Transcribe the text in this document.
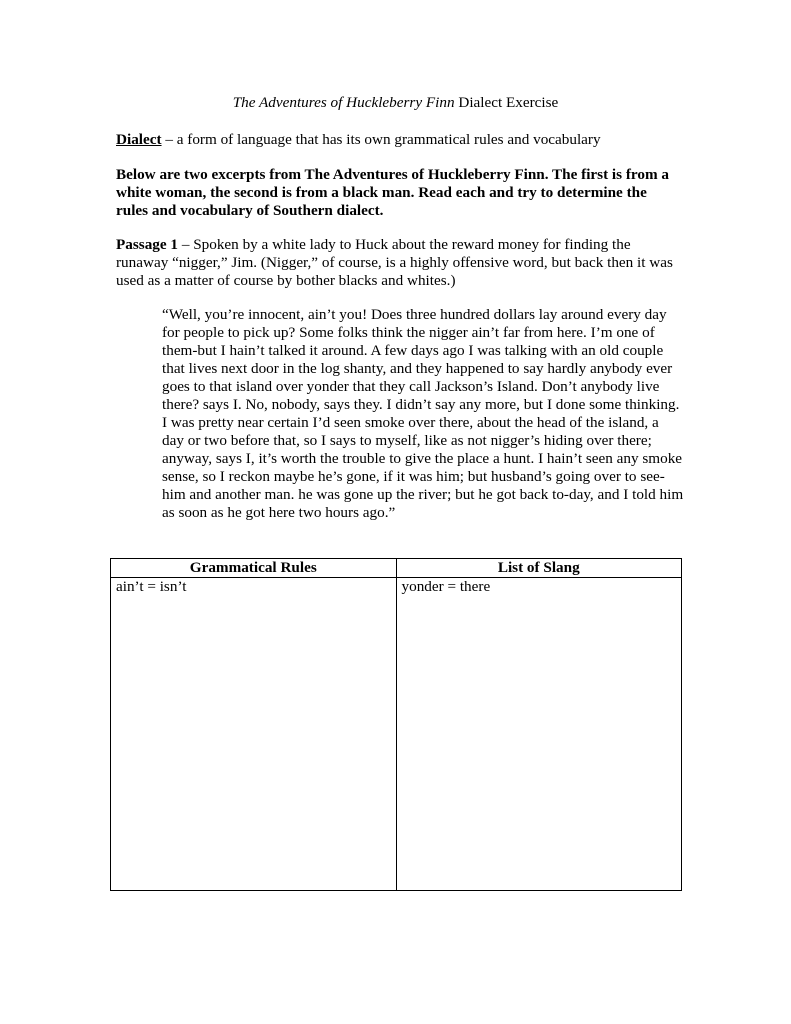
The Adventures of Huckleberry Finn Dialect Exercise
Dialect – a form of language that has its own grammatical rules and vocabulary
Below are two excerpts from The Adventures of Huckleberry Finn. The first is from a white woman, the second is from a black man. Read each and try to determine the rules and vocabulary of Southern dialect.
Passage 1 – Spoken by a white lady to Huck about the reward money for finding the runaway “nigger,” Jim. (Nigger,” of course, is a highly offensive word, but back then it was used as a matter of course by bother blacks and whites.)
“Well, you’re innocent, ain’t you! Does three hundred dollars lay around every day for people to pick up? Some folks think the nigger ain’t far from here. I’m one of them-but I hain’t talked it around. A few days ago I was talking with an old couple that lives next door in the log shanty, and they happened to say hardly anybody ever goes to that island over yonder that they call Jackson’s Island. Don’t anybody live there? says I. No, nobody, says they. I didn’t say any more, but I done some thinking. I was pretty near certain I’d seen smoke over there, about the head of the island, a day or two before that, so I says to myself, like as not nigger’s hiding over there; anyway, says I, it’s worth the trouble to give the place a hunt. I hain’t seen any smoke sense, so I reckon maybe he’s gone, if it was him; but husband’s going over to see-him and another man. he was gone up the river; but he got back to-day, and I told him as soon as he got here two hours ago.”
Grammatical Rules	List of Slang
ain’t = isn’t	yonder = there
